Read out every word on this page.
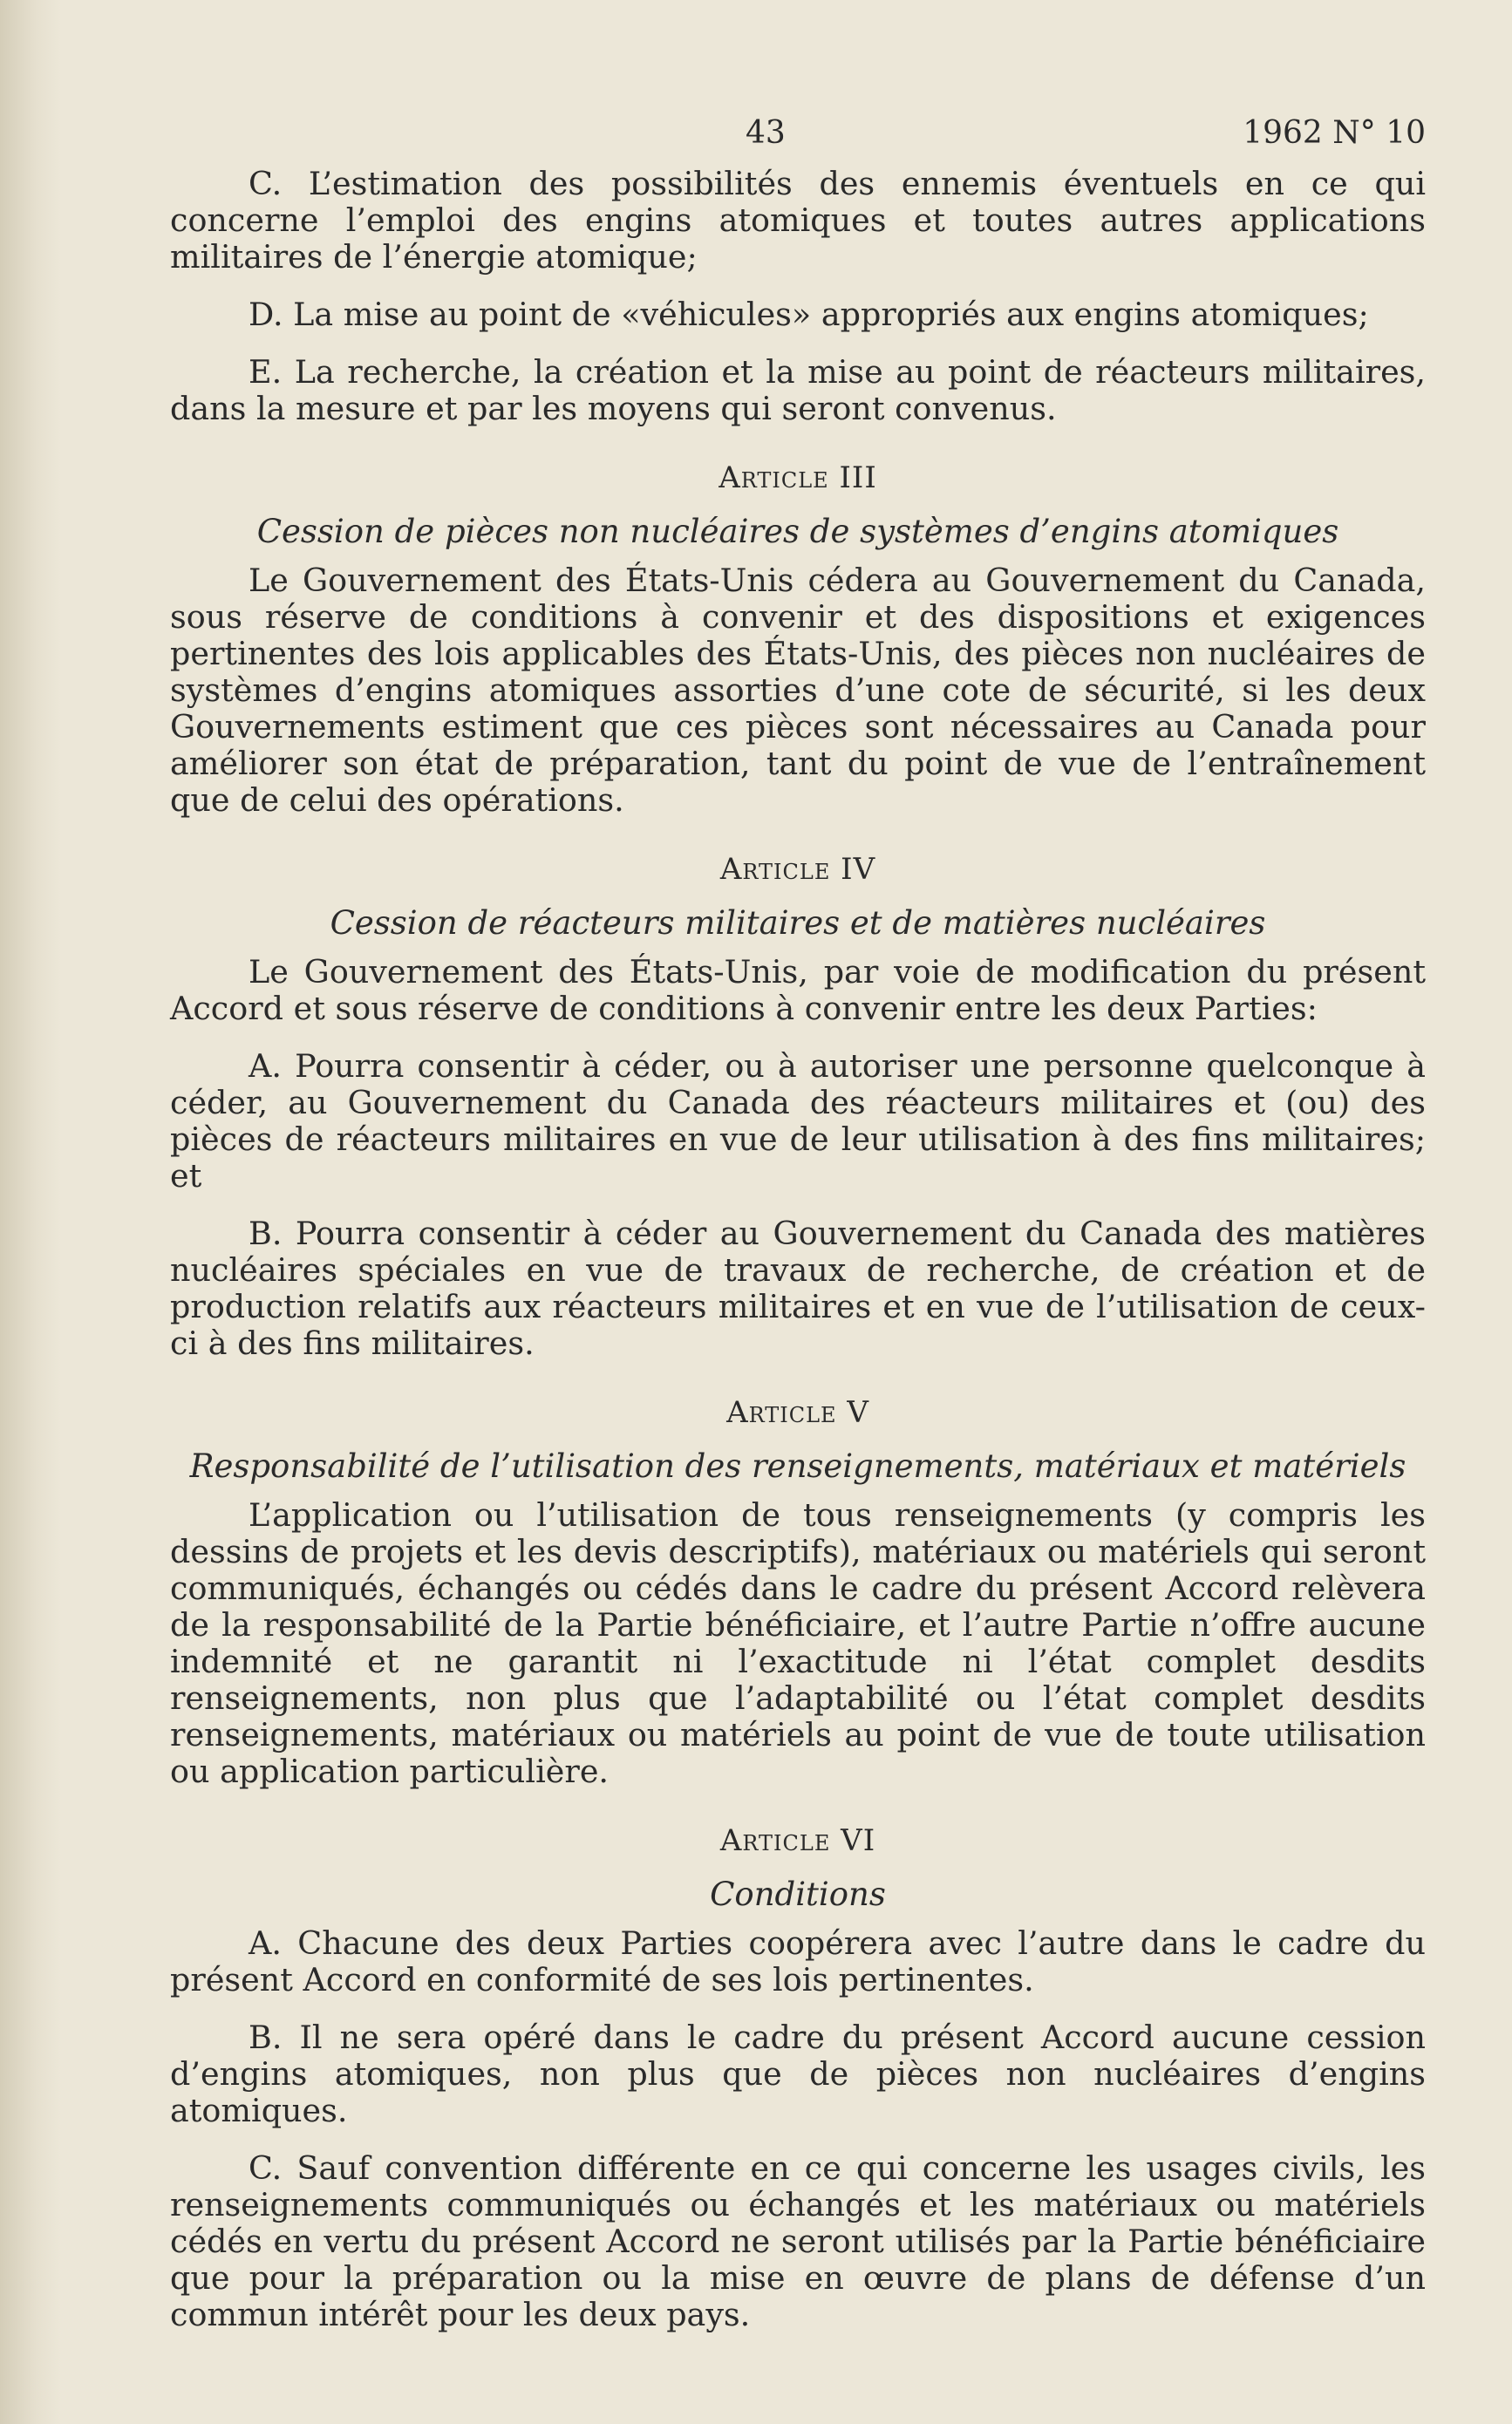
43	1962 N° 10

C. L’estimation des possibilités des ennemis éventuels en ce qui concerne l’emploi des engins atomiques et toutes autres applications militaires de l’énergie atomique;

D. La mise au point de «véhicules» appropriés aux engins atomiques;

E. La recherche, la création et la mise au point de réacteurs militaires, dans la mesure et par les moyens qui seront convenus.

Article III
Cession de pièces non nucléaires de systèmes d’engins atomiques

Le Gouvernement des États-Unis cédera au Gouvernement du Canada, sous réserve de conditions à convenir et des dispositions et exigences pertinentes des lois applicables des États-Unis, des pièces non nucléaires de systèmes d’engins atomiques assorties d’une cote de sécurité, si les deux Gouvernements estiment que ces pièces sont nécessaires au Canada pour améliorer son état de préparation, tant du point de vue de l’entraînement que de celui des opérations.

Article IV
Cession de réacteurs militaires et de matières nucléaires

Le Gouvernement des États-Unis, par voie de modification du présent Accord et sous réserve de conditions à convenir entre les deux Parties:

A. Pourra consentir à céder, ou à autoriser une personne quelconque à céder, au Gouvernement du Canada des réacteurs militaires et (ou) des pièces de réacteurs militaires en vue de leur utilisation à des fins militaires; et

B. Pourra consentir à céder au Gouvernement du Canada des matières nucléaires spéciales en vue de travaux de recherche, de création et de production relatifs aux réacteurs militaires et en vue de l’utilisation de ceux-ci à des fins militaires.

Article V
Responsabilité de l’utilisation des renseignements, matériaux et matériels

L’application ou l’utilisation de tous renseignements (y compris les dessins de projets et les devis descriptifs), matériaux ou matériels qui seront communiqués, échangés ou cédés dans le cadre du présent Accord relèvera de la responsabilité de la Partie bénéficiaire, et l’autre Partie n’offre aucune indemnité et ne garantit ni l’exactitude ni l’état complet desdits renseignements, non plus que l’adaptabilité ou l’état complet desdits renseignements, matériaux ou matériels au point de vue de toute utilisation ou application particulière.

Article VI
Conditions

A. Chacune des deux Parties coopérera avec l’autre dans le cadre du présent Accord en conformité de ses lois pertinentes.

B. Il ne sera opéré dans le cadre du présent Accord aucune cession d’engins atomiques, non plus que de pièces non nucléaires d’engins atomiques.

C. Sauf convention différente en ce qui concerne les usages civils, les renseignements communiqués ou échangés et les matériaux ou matériels cédés en vertu du présent Accord ne seront utilisés par la Partie bénéficiaire que pour la préparation ou la mise en œuvre de plans de défense d’un commun intérêt pour les deux pays.
